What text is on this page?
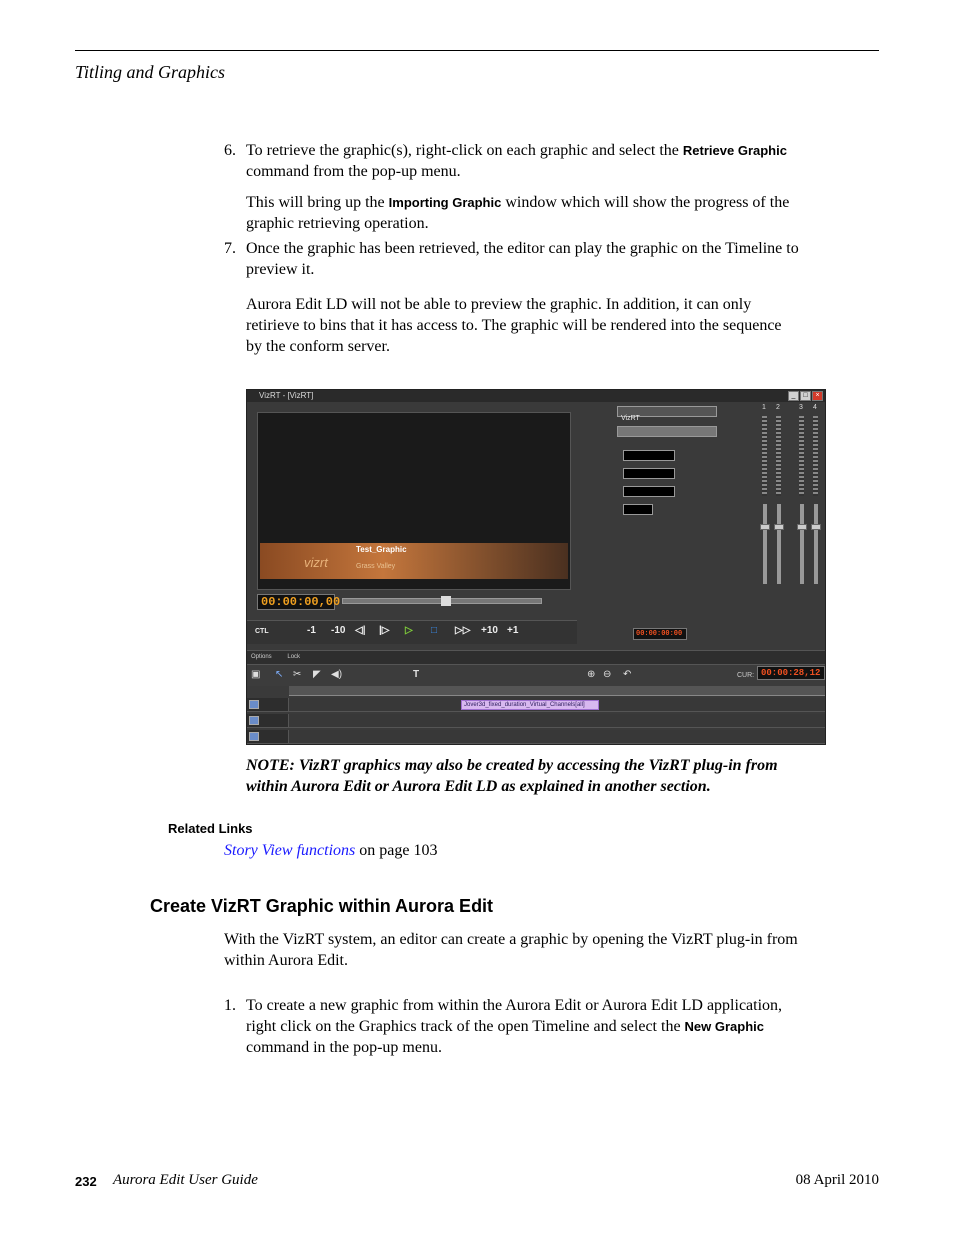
Titling and Graphics
6. To retrieve the graphic(s), right-click on each graphic and select the Retrieve Graphic command from the pop-up menu.
This will bring up the Importing Graphic window which will show the progress of the graphic retrieving operation.
7. Once the graphic has been retrieved, the editor can play the graphic on the Timeline to preview it.
Aurora Edit LD will not be able to preview the graphic. In addition, it can only retirieve to bins that it has access to. The graphic will be rendered into the sequence by the conform server.
VizRT - [VizRT]	_	□	×
vizrt
Test_Graphic
Grass Valley
00:00:00,00
CTL	-1 -10 ◁| |▷ ▷ □ ▷▷ +10 +1
VizRT
1 2	3 4
00:00:00:00
Options	Lock
▣ ↖ ✂ ◤ ◀)	T	⊕ ⊖ ↶	CUR: 00:00:28,12
Jover3d_fixed_duration_Virtual_Channels[all]
NOTE: VizRT graphics may also be created by accessing the VizRT plug-in from within Aurora Edit or Aurora Edit LD as explained in another section.
Related Links
Story View functions on page 103
Create VizRT Graphic within Aurora Edit
With the VizRT system, an editor can create a graphic by opening the VizRT plug-in from within Aurora Edit.
1. To create a new graphic from within the Aurora Edit or Aurora Edit LD application, right click on the Graphics track of the open Timeline and select the New Graphic command in the pop-up menu.
232 Aurora Edit User Guide	08 April 2010
